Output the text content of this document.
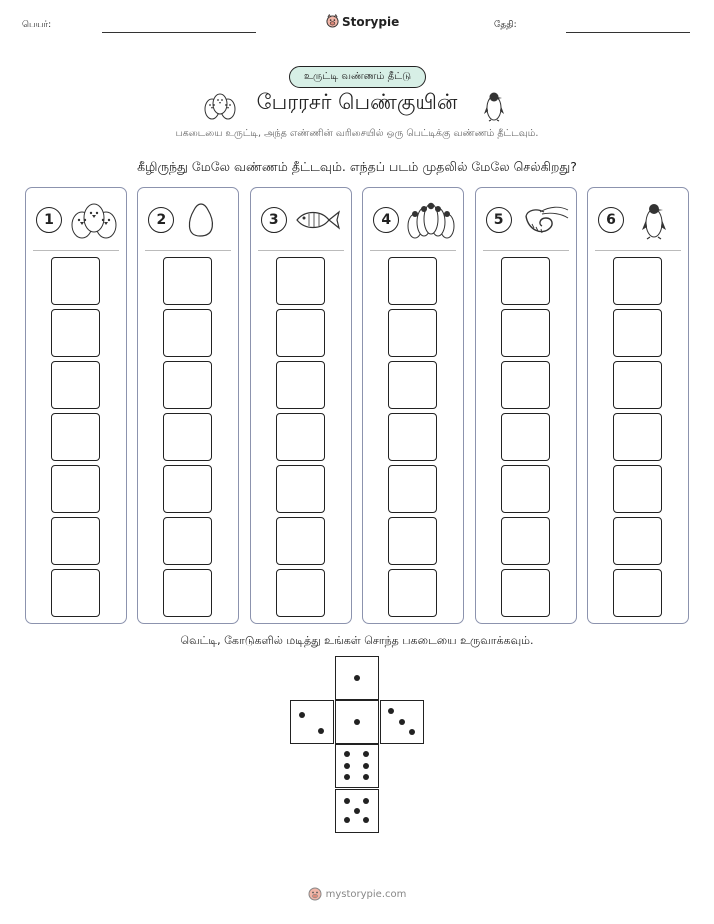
பெயர்:	Storypie	தேதி:
உருட்டி வண்ணம் தீட்டு
பேரரசர் பெண்குயின்
பகடையை உருட்டி, அந்த எண்ணின் வரிசையில் ஒரு பெட்டிக்கு வண்ணம் தீட்டவும்.
கீழிருந்து மேலே வண்ணம் தீட்டவும். எந்தப் படம் முதலில் மேலே செல்கிறது?
1	2	3	4	5	6
வெட்டி, கோடுகளில் மடித்து உங்கள் சொந்த பகடையை உருவாக்கவும்.
mystorypie.com
